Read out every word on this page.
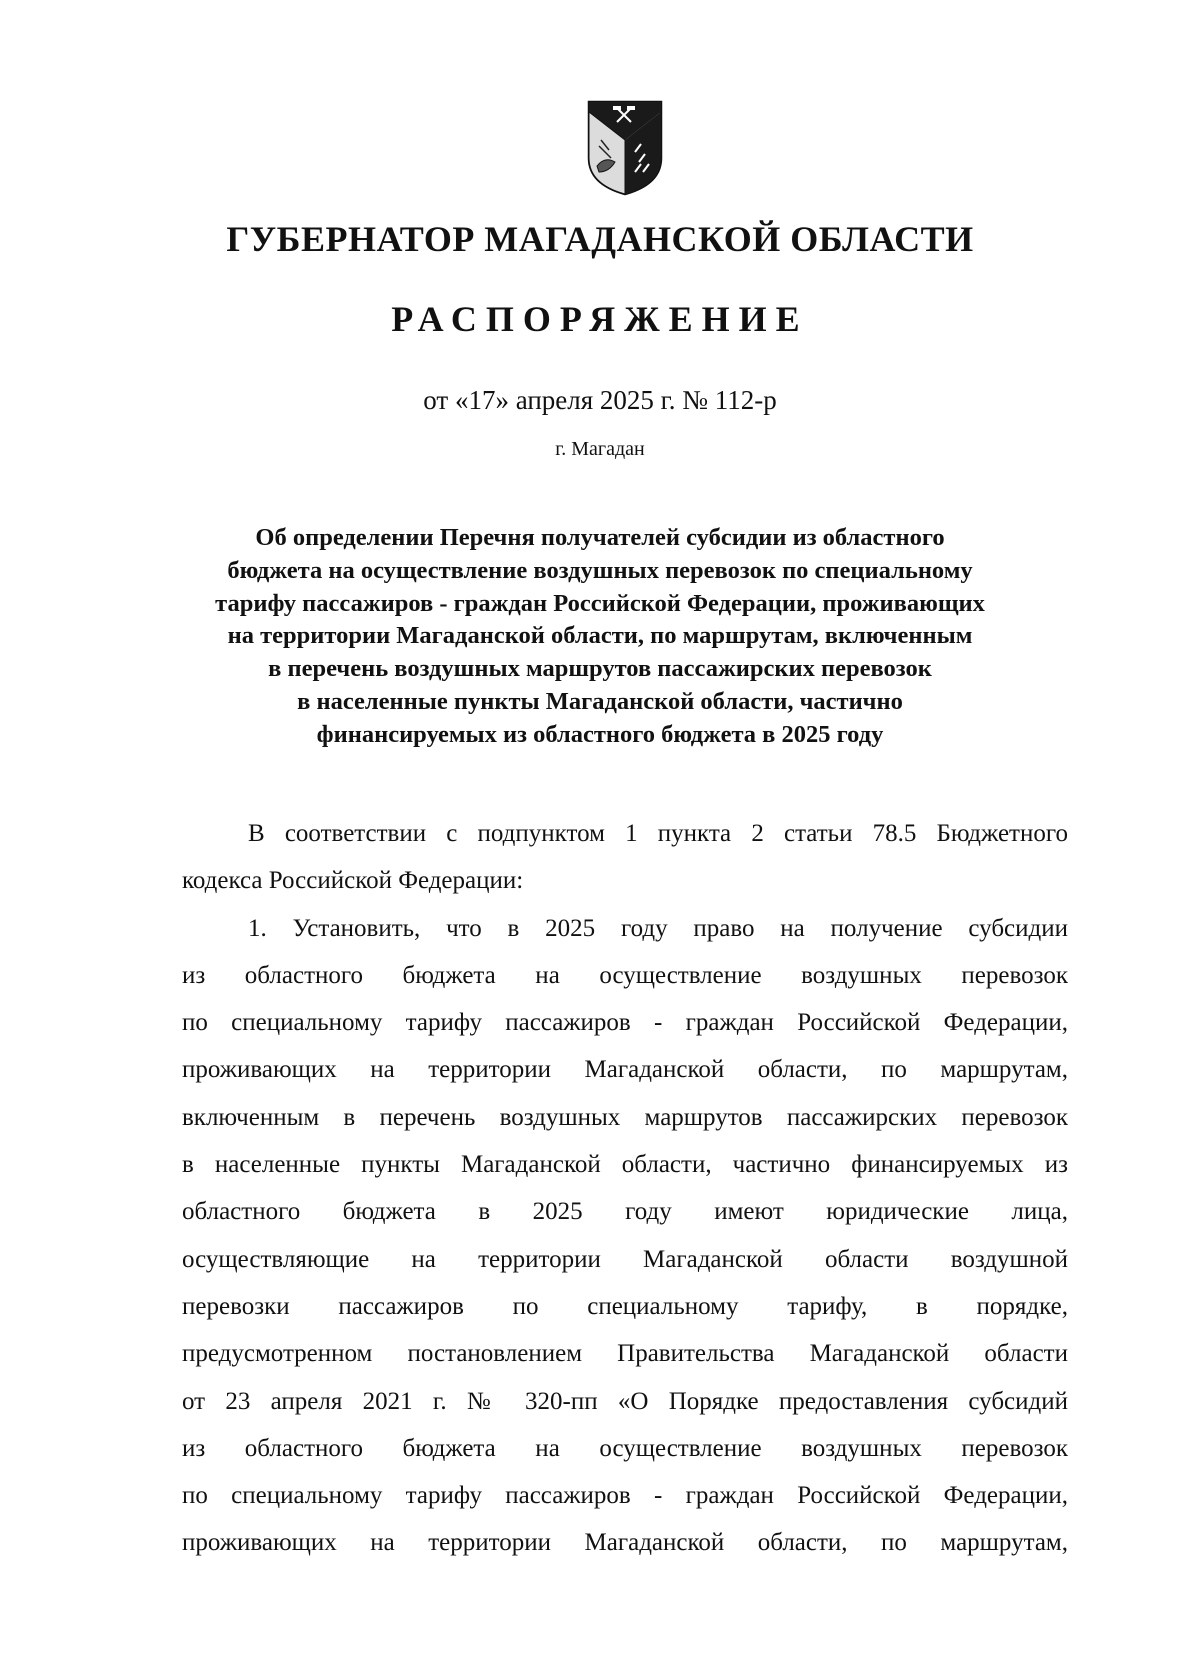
ГУБЕРНАТОР МАГАДАНСКОЙ ОБЛАСТИ
РАСПОРЯЖЕНИЕ
от «17» апреля 2025 г. № 112-р
г. Магадан
Об определении Перечня получателей субсидии из областного
бюджета на осуществление воздушных перевозок по специальному
тарифу пассажиров - граждан Российской Федерации, проживающих
на территории Магаданской области, по маршрутам, включенным
в перечень воздушных маршрутов пассажирских перевозок
в населенные пункты Магаданской области, частично
финансируемых из областного бюджета в 2025 году
В соответствии с подпунктом 1 пункта 2 статьи 78.5 Бюджетного
кодекса Российской Федерации:
1. Установить, что в 2025 году право на получение субсидии
из областного бюджета на осуществление воздушных перевозок
по специальному тарифу пассажиров - граждан Российской Федерации,
проживающих на территории Магаданской области, по маршрутам,
включенным в перечень воздушных маршрутов пассажирских перевозок
в населенные пункты Магаданской области, частично финансируемых из
областного бюджета в 2025 году имеют юридические лица,
осуществляющие на территории Магаданской области воздушной
перевозки пассажиров по специальному тарифу, в порядке,
предусмотренном постановлением Правительства Магаданской области
от 23 апреля 2021 г. № 320-пп «О Порядке предоставления субсидий
из областного бюджета на осуществление воздушных перевозок
по специальному тарифу пассажиров - граждан Российской Федерации,
проживающих на территории Магаданской области, по маршрутам,
